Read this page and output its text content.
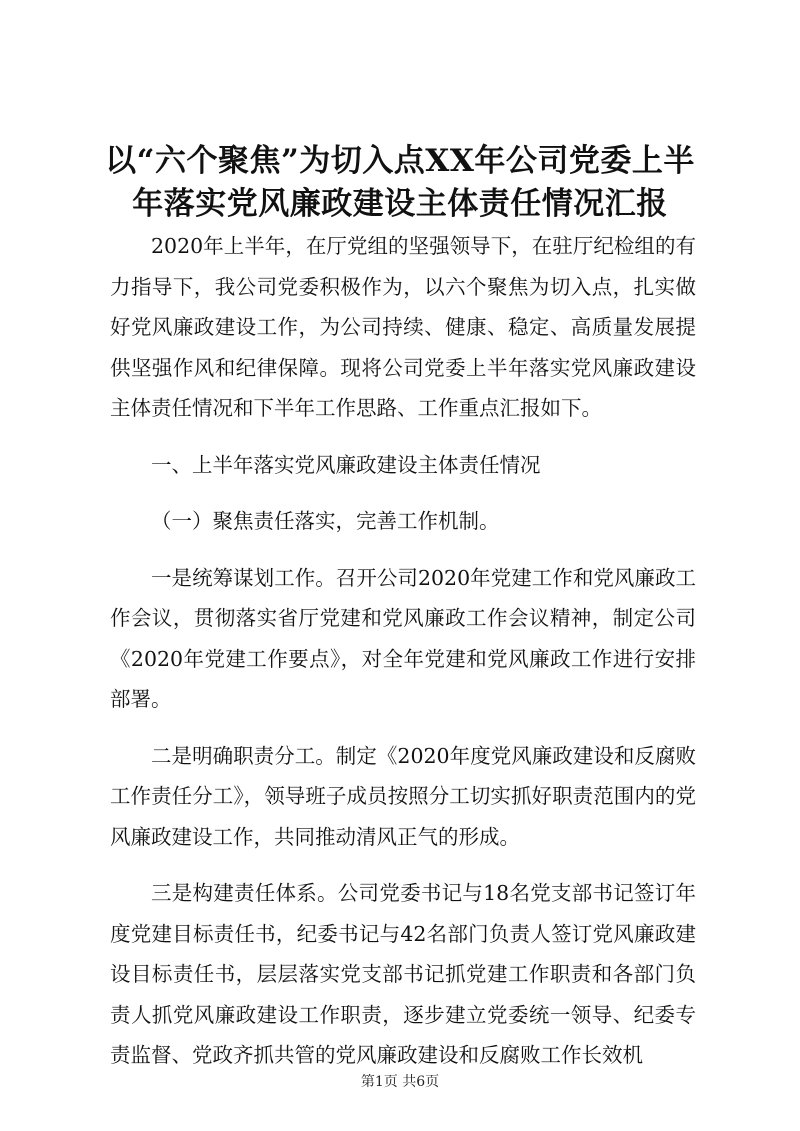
以“六个聚焦”为切入点XX年公司党委上半
年落实党风廉政建设主体责任情况汇报

2020年上半年，在厅党组的坚强领导下，在驻厅纪检组的有力指导下，我公司党委积极作为，以六个聚焦为切入点，扎实做好党风廉政建设工作，为公司持续、健康、稳定、高质量发展提供坚强作风和纪律保障。现将公司党委上半年落实党风廉政建设主体责任情况和下半年工作思路、工作重点汇报如下。

一、上半年落实党风廉政建设主体责任情况

（一）聚焦责任落实，完善工作机制。

一是统筹谋划工作。召开公司2020年党建工作和党风廉政工作会议，贯彻落实省厅党建和党风廉政工作会议精神，制定公司《2020年党建工作要点》，对全年党建和党风廉政工作进行安排部署。

二是明确职责分工。制定《2020年度党风廉政建设和反腐败工作责任分工》，领导班子成员按照分工切实抓好职责范围内的党风廉政建设工作，共同推动清风正气的形成。

三是构建责任体系。公司党委书记与18名党支部书记签订年度党建目标责任书，纪委书记与42名部门负责人签订党风廉政建设目标责任书，层层落实党支部书记抓党建工作职责和各部门负责人抓党风廉政建设工作职责，逐步建立党委统一领导、纪委专责监督、党政齐抓共管的党风廉政建设和反腐败工作长效机

第1页 共6页
